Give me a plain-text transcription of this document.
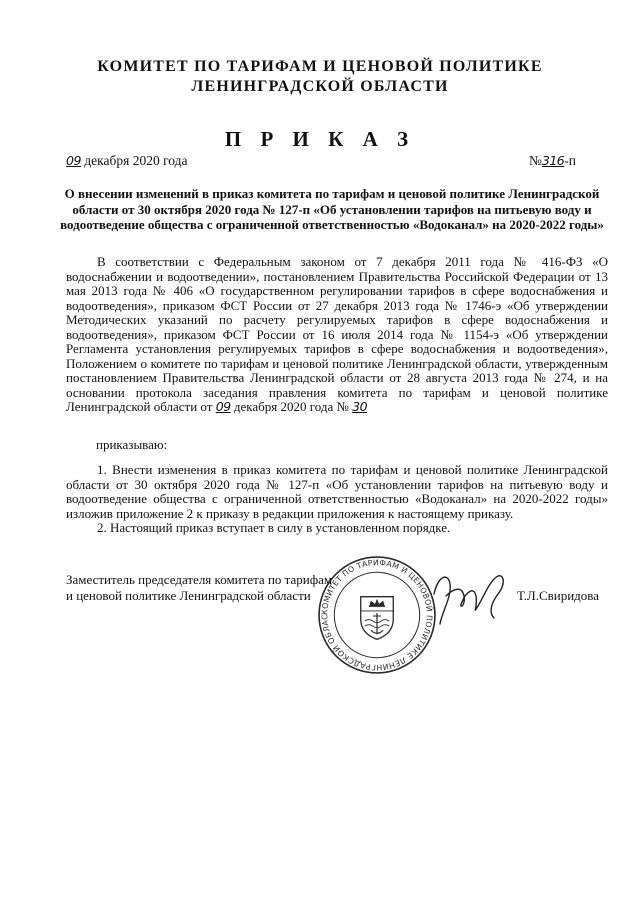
КОМИТЕТ ПО ТАРИФАМ И ЦЕНОВОЙ ПОЛИТИКЕ
ЛЕНИНГРАДСКОЙ ОБЛАСТИ
П Р И К А З
09 декабря 2020 года	№316-п
О внесении изменений в приказ комитета по тарифам и ценовой политике Ленинградской области от 30 октября 2020 года № 127-п «Об установлении тарифов на питьевую воду и водоотведение общества с ограниченной ответственностью «Водоканал» на 2020-2022 годы»

В соответствии с Федеральным законом от 7 декабря 2011 года № 416-ФЗ «О водоснабжении и водоотведении», постановлением Правительства Российской Федерации от 13 мая 2013 года № 406 «О государственном регулировании тарифов в сфере водоснабжения и водоотведения», приказом ФСТ России от 27 декабря 2013 года № 1746-э «Об утверждении Методических указаний по расчету регулируемых тарифов в сфере водоснабжения и водоотведения», приказом ФСТ России от 16 июля 2014 года № 1154-э «Об утверждении Регламента установления регулируемых тарифов в сфере водоснабжения и водоотведения», Положением о комитете по тарифам и ценовой политике Ленинградской области, утвержденным постановлением Правительства Ленинградской области от 28 августа 2013 года № 274, и на основании протокола заседания правления комитета по тарифам и ценовой политике Ленинградской области от 09 декабря 2020 года № 30

приказываю:

1. Внести изменения в приказ комитета по тарифам и ценовой политике Ленинградской области от 30 октября 2020 года № 127-п «Об установлении тарифов на питьевую воду и водоотведение общества с ограниченной ответственностью «Водоканал» на 2020-2022 годы» изложив приложение 2 к приказу в редакции приложения к настоящему приказу.

2. Настоящий приказ вступает в силу в установленном порядке.

Заместитель председателя комитета по тарифам
и ценовой политике Ленинградской области
КОМИТЕТ ПО ТАРИФАМ И ЦЕНОВОЙ ПОЛИТИКЕ ЛЕНИНГРАДСКОЙ ОБЛАС
Т.Л.Свиридова
